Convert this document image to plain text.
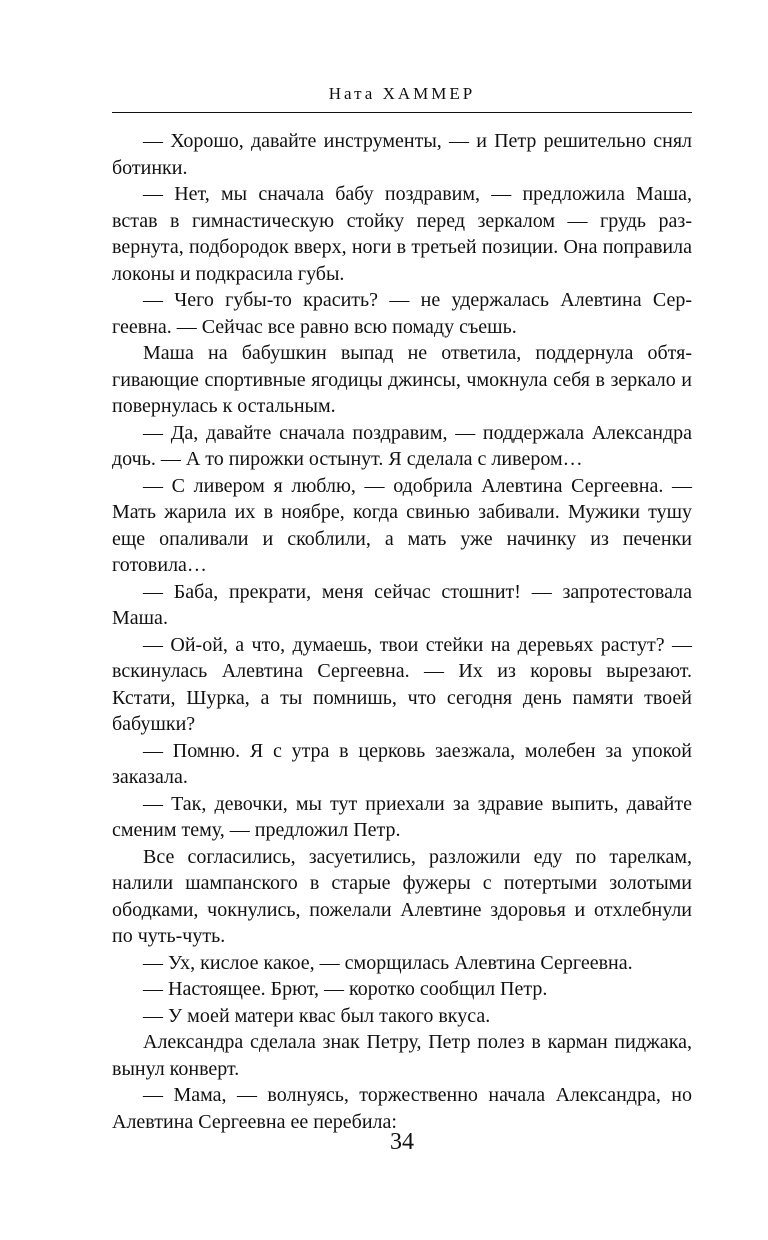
Ната ХАММЕР

— Хорошо, давайте инструменты, — и Петр решительно снял ботинки.

— Нет, мы сначала бабу поздравим, — предложила Маша, встав в гимнастическую стойку перед зеркалом — грудь развернута, подбородок вверх, ноги в третьей позиции. Она поправила локоны и подкрасила губы.

— Чего губы-то красить? — не удержалась Алевтина Сергеевна. — Сейчас все равно всю помаду съешь.

Маша на бабушкин выпад не ответила, поддернула обтягивающие спортивные ягодицы джинсы, чмокнула себя в зеркало и повернулась к остальным.

— Да, давайте сначала поздравим, — поддержала Александра дочь. — А то пирожки остынут. Я сделала с ливером…

— С ливером я люблю, — одобрила Алевтина Сергеевна. — Мать жарила их в ноябре, когда свинью забивали. Мужики тушу еще опаливали и скоблили, а мать уже начинку из печенки готовила…

— Баба, прекрати, меня сейчас стошнит! — запротестовала Маша.

— Ой-ой, а что, думаешь, твои стейки на деревьях растут? — вскинулась Алевтина Сергеевна. — Их из коровы вырезают. Кстати, Шурка, а ты помнишь, что сегодня день памяти твоей бабушки?

— Помню. Я с утра в церковь заезжала, молебен за упокой заказала.

— Так, девочки, мы тут приехали за здравие выпить, давайте сменим тему, — предложил Петр.

Все согласились, засуетились, разложили еду по тарелкам, налили шампанского в старые фужеры с потертыми золотыми ободками, чокнулись, пожелали Алевтине здоровья и отхлебнули по чуть-чуть.

— Ух, кислое какое, — сморщилась Алевтина Сергеевна.

— Настоящее. Брют, — коротко сообщил Петр.

— У моей матери квас был такого вкуса.

Александра сделала знак Петру, Петр полез в карман пиджака, вынул конверт.

— Мама, — волнуясь, торжественно начала Александра, но Алевтина Сергеевна ее перебила:

34
